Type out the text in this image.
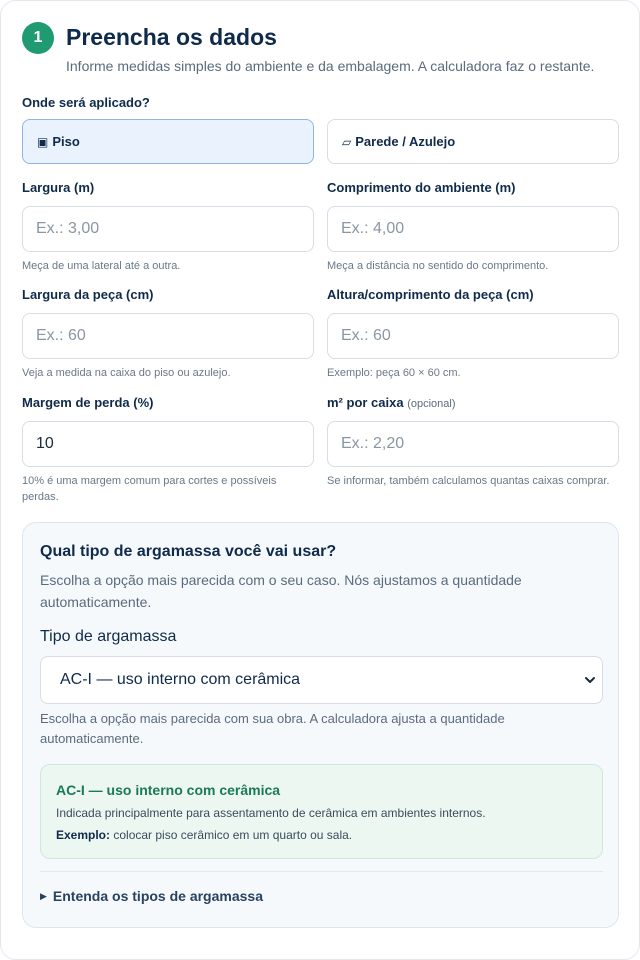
1	Preencha os dados
Informe medidas simples do ambiente e da embalagem. A calculadora faz o restante.
Onde será aplicado?
▣ Piso	▱ Parede / Azulejo
Largura (m)
Ex.: 3,00
Meça de uma lateral até a outra.
Comprimento do ambiente (m)
Ex.: 4,00
Meça a distância no sentido do comprimento.
Largura da peça (cm)
Ex.: 60
Veja a medida na caixa do piso ou azulejo.
Altura/comprimento da peça (cm)
Ex.: 60
Exemplo: peça 60 × 60 cm.
Margem de perda (%)
10
10% é uma margem comum para cortes e possíveis perdas.
m² por caixa (opcional)
Ex.: 2,20
Se informar, também calculamos quantas caixas comprar.
Qual tipo de argamassa você vai usar?
Escolha a opção mais parecida com o seu caso. Nós ajustamos a quantidade automaticamente.
Tipo de argamassa
AC-I — uso interno com cerâmica
Escolha a opção mais parecida com sua obra. A calculadora ajusta a quantidade automaticamente.
AC-I — uso interno com cerâmica
Indicada principalmente para assentamento de cerâmica em ambientes internos.
Exemplo: colocar piso cerâmico em um quarto ou sala.
▶ Entenda os tipos de argamassa
